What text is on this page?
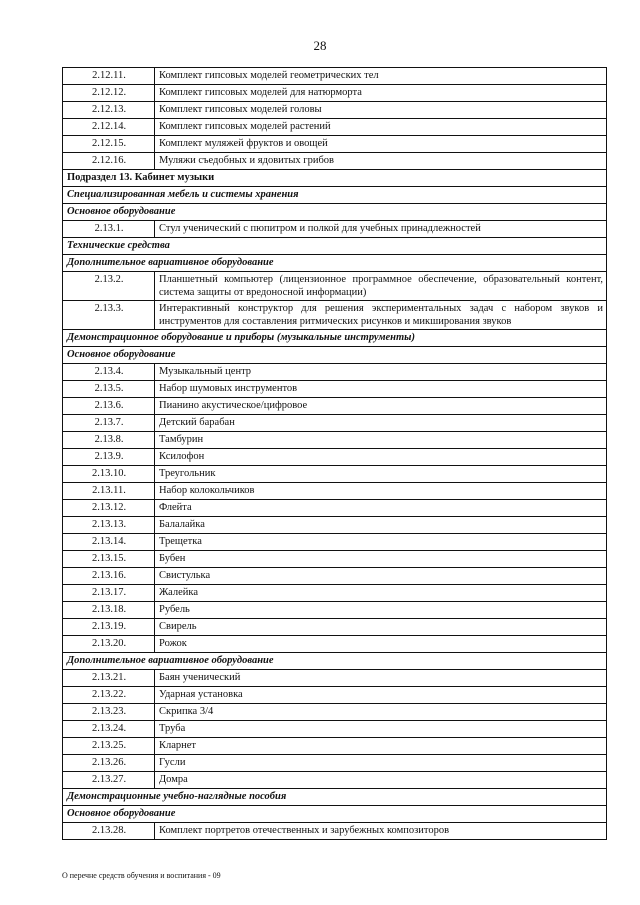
28
2.12.11.	Комплект гипсовых моделей геометрических тел
2.12.12.	Комплект гипсовых моделей для натюрморта
2.12.13.	Комплект гипсовых моделей головы
2.12.14.	Комплект гипсовых моделей растений
2.12.15.	Комплект муляжей фруктов и овощей
2.12.16.	Муляжи съедобных и ядовитых грибов
Подраздел 13. Кабинет музыки	
Специализированная мебель и системы хранения	
Основное оборудование	
2.13.1.	Стул ученический с пюпитром и полкой для учебных принадлежностей
Технические средства	
Дополнительное вариативное оборудование	
2.13.2.	Планшетный компьютер (лицензионное программное обеспечение, образовательный контент, система защиты от вредоносной информации)
2.13.3.	Интерактивный конструктор для решения экспериментальных задач с набором звуков и инструментов для составления ритмических рисунков и микширования звуков
Демонстрационное оборудование и приборы (музыкальные инструменты)	
Основное оборудование	
2.13.4.	Музыкальный центр
2.13.5.	Набор шумовых инструментов
2.13.6.	Пианино акустическое/цифровое
2.13.7.	Детский барабан
2.13.8.	Тамбурин
2.13.9.	Ксилофон
2.13.10.	Треугольник
2.13.11.	Набор колокольчиков
2.13.12.	Флейта
2.13.13.	Балалайка
2.13.14.	Трещетка
2.13.15.	Бубен
2.13.16.	Свистулька
2.13.17.	Жалейка
2.13.18.	Рубель
2.13.19.	Свирель
2.13.20.	Рожок
Дополнительное вариативное оборудование	
2.13.21.	Баян ученический
2.13.22.	Ударная установка
2.13.23.	Скрипка 3/4
2.13.24.	Труба
2.13.25.	Кларнет
2.13.26.	Гусли
2.13.27.	Домра
Демонстрационные учебно-наглядные пособия	
Основное оборудование	
2.13.28.	Комплект портретов отечественных и зарубежных композиторов
О перечне средств обучения и воспитания - 09
